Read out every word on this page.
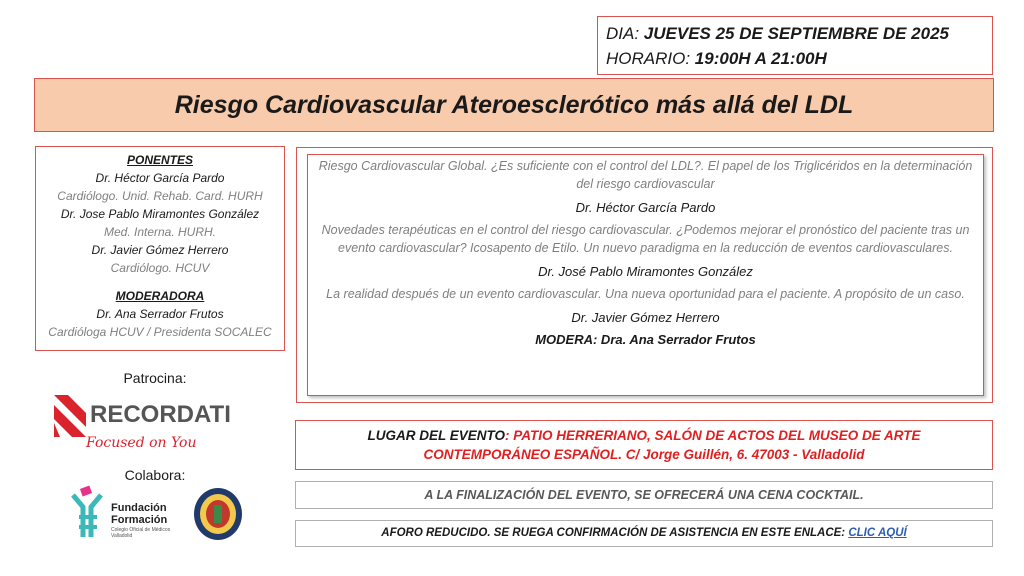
DIA: JUEVES 25 DE SEPTIEMBRE DE 2025
HORARIO: 19:00H A 21:00H
Riesgo Cardiovascular Ateroesclerótico más allá del LDL
PONENTES
Dr. Héctor García Pardo
Cardiólogo. Unid. Rehab. Card. HURH
Dr. Jose Pablo Miramontes González
Med. Interna. HURH.
Dr. Javier Gómez Herrero
Cardiólogo. HCUV
MODERADORA
Dr. Ana Serrador Frutos
Cardióloga HCUV / Presidenta SOCALEC
Riesgo Cardiovascular Global. ¿Es suficiente con el control del LDL?. El papel de los Triglicéridos en la determinación del riesgo cardiovascular
Dr. Héctor García Pardo
Novedades terapéuticas en el control del riesgo cardiovascular. ¿Podemos mejorar el pronóstico del paciente tras un evento cardiovascular? Icosapento de Etilo. Un nuevo paradigma en la reducción de eventos cardiovasculares.
Dr. José Pablo Miramontes González
La realidad después de un evento cardiovascular. Una nueva oportunidad para el paciente. A propósito de un caso.
Dr. Javier Gómez Herrero
MODERA: Dra. Ana Serrador Frutos
Patrocina:
RECORDATI
Focused on You
Colabora:
Fundación
Formación
Colegio Oficial de Médicos Valladolid
LUGAR DEL EVENTO: PATIO HERRERIANO, SALÓN DE ACTOS DEL MUSEO DE ARTE
CONTEMPORÁNEO ESPAÑOL. C/ Jorge Guillén, 6. 47003 - Valladolid
A LA FINALIZACIÓN DEL EVENTO, SE OFRECERÁ UNA CENA COCKTAIL.
AFORO REDUCIDO. SE RUEGA CONFIRMACIÓN DE ASISTENCIA EN ESTE ENLACE: CLIC AQUÍ
